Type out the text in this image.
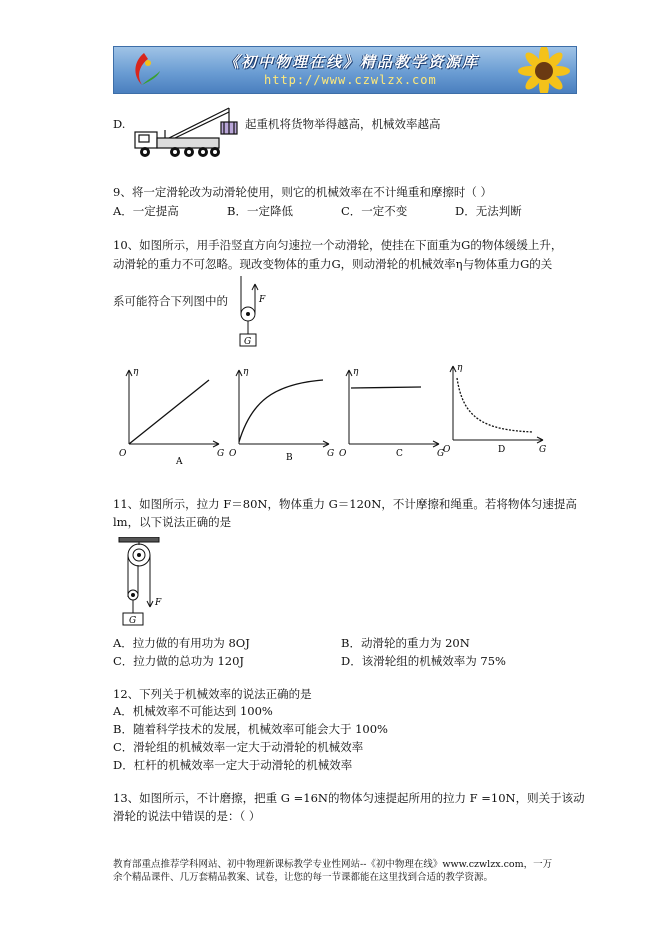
《初中物理在线》精品教学资源库
http://www.czwlzx.com
D.	起重机将货物举得越高，机械效率越高
9、将一定滑轮改为动滑轮使用，则它的机械效率在不计绳重和摩擦时（ ）
A．一定提高	B．一定降低	C．一定不变	D．无法判断
10、如图所示，用手沿竖直方向匀速拉一个动滑轮，使挂在下面重为G的物体缓缓上升，
动滑轮的重力不可忽略。现改变物体的重力G，则动滑轮的机械效率η与物体重力G的关
系可能符合下列图中的	F
G
η
G
O
η
G
O
η
G
O
η
G
O
A	B	C	D
11、如图所示，拉力 F＝80N，物体重力 G＝120N，不计摩擦和绳重。若将物体匀速提高
lm，以下说法正确的是
F
G
A．拉力做的有用功为 8OJ	B．动滑轮的重力为 20N
C．拉力做的总功为 120J	D．该滑轮组的机械效率为 75%
12、下列关于机械效率的说法正确的是
A．机械效率不可能达到 100%
B．随着科学技术的发展，机械效率可能会大于 100%
C．滑轮组的机械效率一定大于动滑轮的机械效率
D．杠杆的机械效率一定大于动滑轮的机械效率
13、如图所示，不计磨擦，把重 G =16N的物体匀速提起所用的拉力 F =10N，则关于该动
滑轮的说法中错误的是：（ ）
教育部重点推荐学科网站、初中物理新课标教学专业性网站--《初中物理在线》www.czwlzx.com，一万余个精品课件、几万套精品教案、试卷，让您的每一节课都能在这里找到合适的教学资源。
